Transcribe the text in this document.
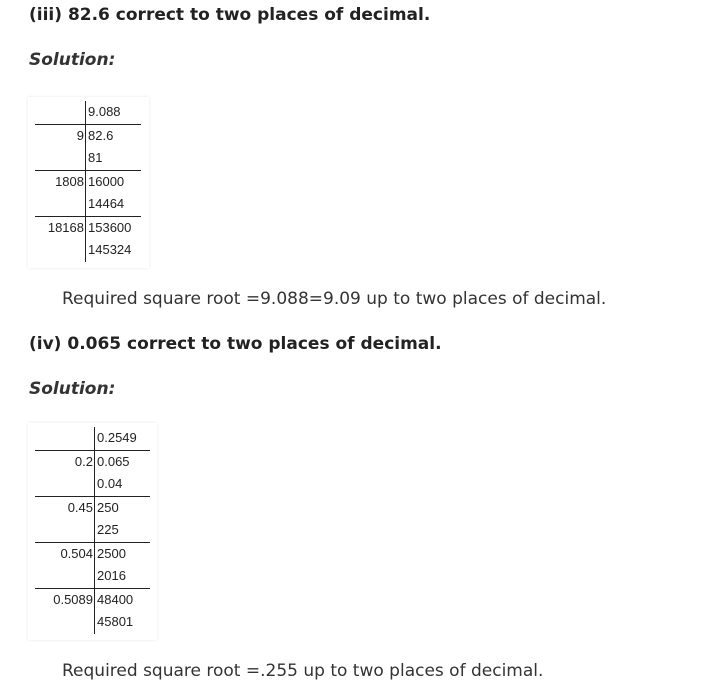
(iii) 82.6 correct to two places of decimal.
Solution:
	9.088
9	82.6
	81
1808	16000
	14464
18168	153600
	145324
Required square root =9.088=9.09 up to two places of decimal.
(iv) 0.065 correct to two places of decimal.
Solution:
	0.2549
0.2	0.065
	0.04
0.45	250
	225
0.504	2500
	2016
0.5089	48400
	45801
Required square root =.255 up to two places of decimal.
